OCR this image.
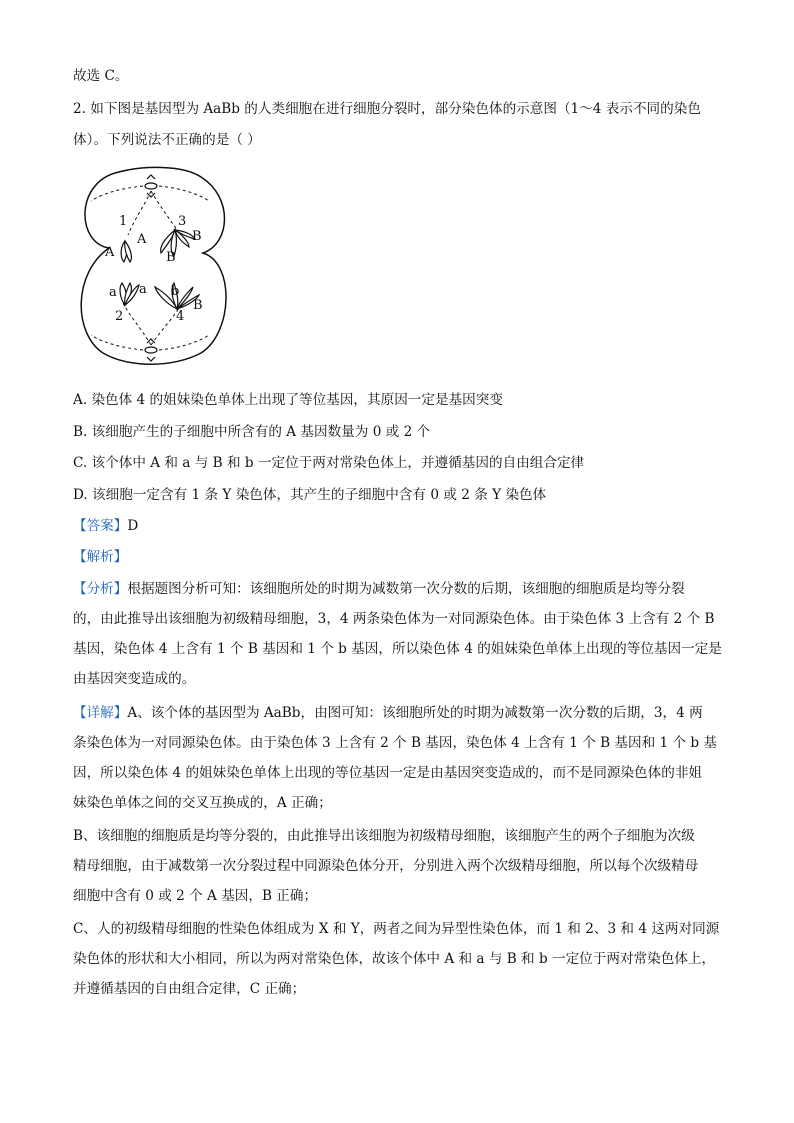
故选 C。
2. 如下图是基因型为 AaBb 的人类细胞在进行细胞分裂时，部分染色体的示意图（1～4 表示不同的染色
体）。下列说法不正确的是（ ）
1	3
A
A	B
B
a a b
B
2	4
A. 染色体 4 的姐妹染色单体上出现了等位基因，其原因一定是基因突变
B. 该细胞产生的子细胞中所含有的 A 基因数量为 0 或 2 个
C. 该个体中 A 和 a 与 B 和 b 一定位于两对常染色体上，并遵循基因的自由组合定律
D. 该细胞一定含有 1 条 Y 染色体，其产生的子细胞中含有 0 或 2 条 Y 染色体
【答案】D
【解析】
【分析】根据题图分析可知：该细胞所处的时期为减数第一次分数的后期，该细胞的细胞质是均等分裂
的，由此推导出该细胞为初级精母细胞，3，4 两条染色体为一对同源染色体。由于染色体 3 上含有 2 个 B
基因，染色体 4 上含有 1 个 B 基因和 1 个 b 基因，所以染色体 4 的姐妹染色单体上出现的等位基因一定是
由基因突变造成的。
【详解】A、该个体的基因型为 AaBb，由图可知：该细胞所处的时期为减数第一次分数的后期，3，4 两
条染色体为一对同源染色体。由于染色体 3 上含有 2 个 B 基因，染色体 4 上含有 1 个 B 基因和 1 个 b 基
因，所以染色体 4 的姐妹染色单体上出现的等位基因一定是由基因突变造成的，而不是同源染色体的非姐
妹染色单体之间的交叉互换成的，A 正确；
B、该细胞的细胞质是均等分裂的，由此推导出该细胞为初级精母细胞，该细胞产生的两个子细胞为次级
精母细胞，由于减数第一次分裂过程中同源染色体分开，分别进入两个次级精母细胞，所以每个次级精母
细胞中含有 0 或 2 个 A 基因，B 正确；
C、人的初级精母细胞的性染色体组成为 X 和 Y，两者之间为异型性染色体，而 1 和 2、3 和 4 这两对同源
染色体的形状和大小相同，所以为两对常染色体，故该个体中 A 和 a 与 B 和 b 一定位于两对常染色体上，
并遵循基因的自由组合定律，C 正确；
